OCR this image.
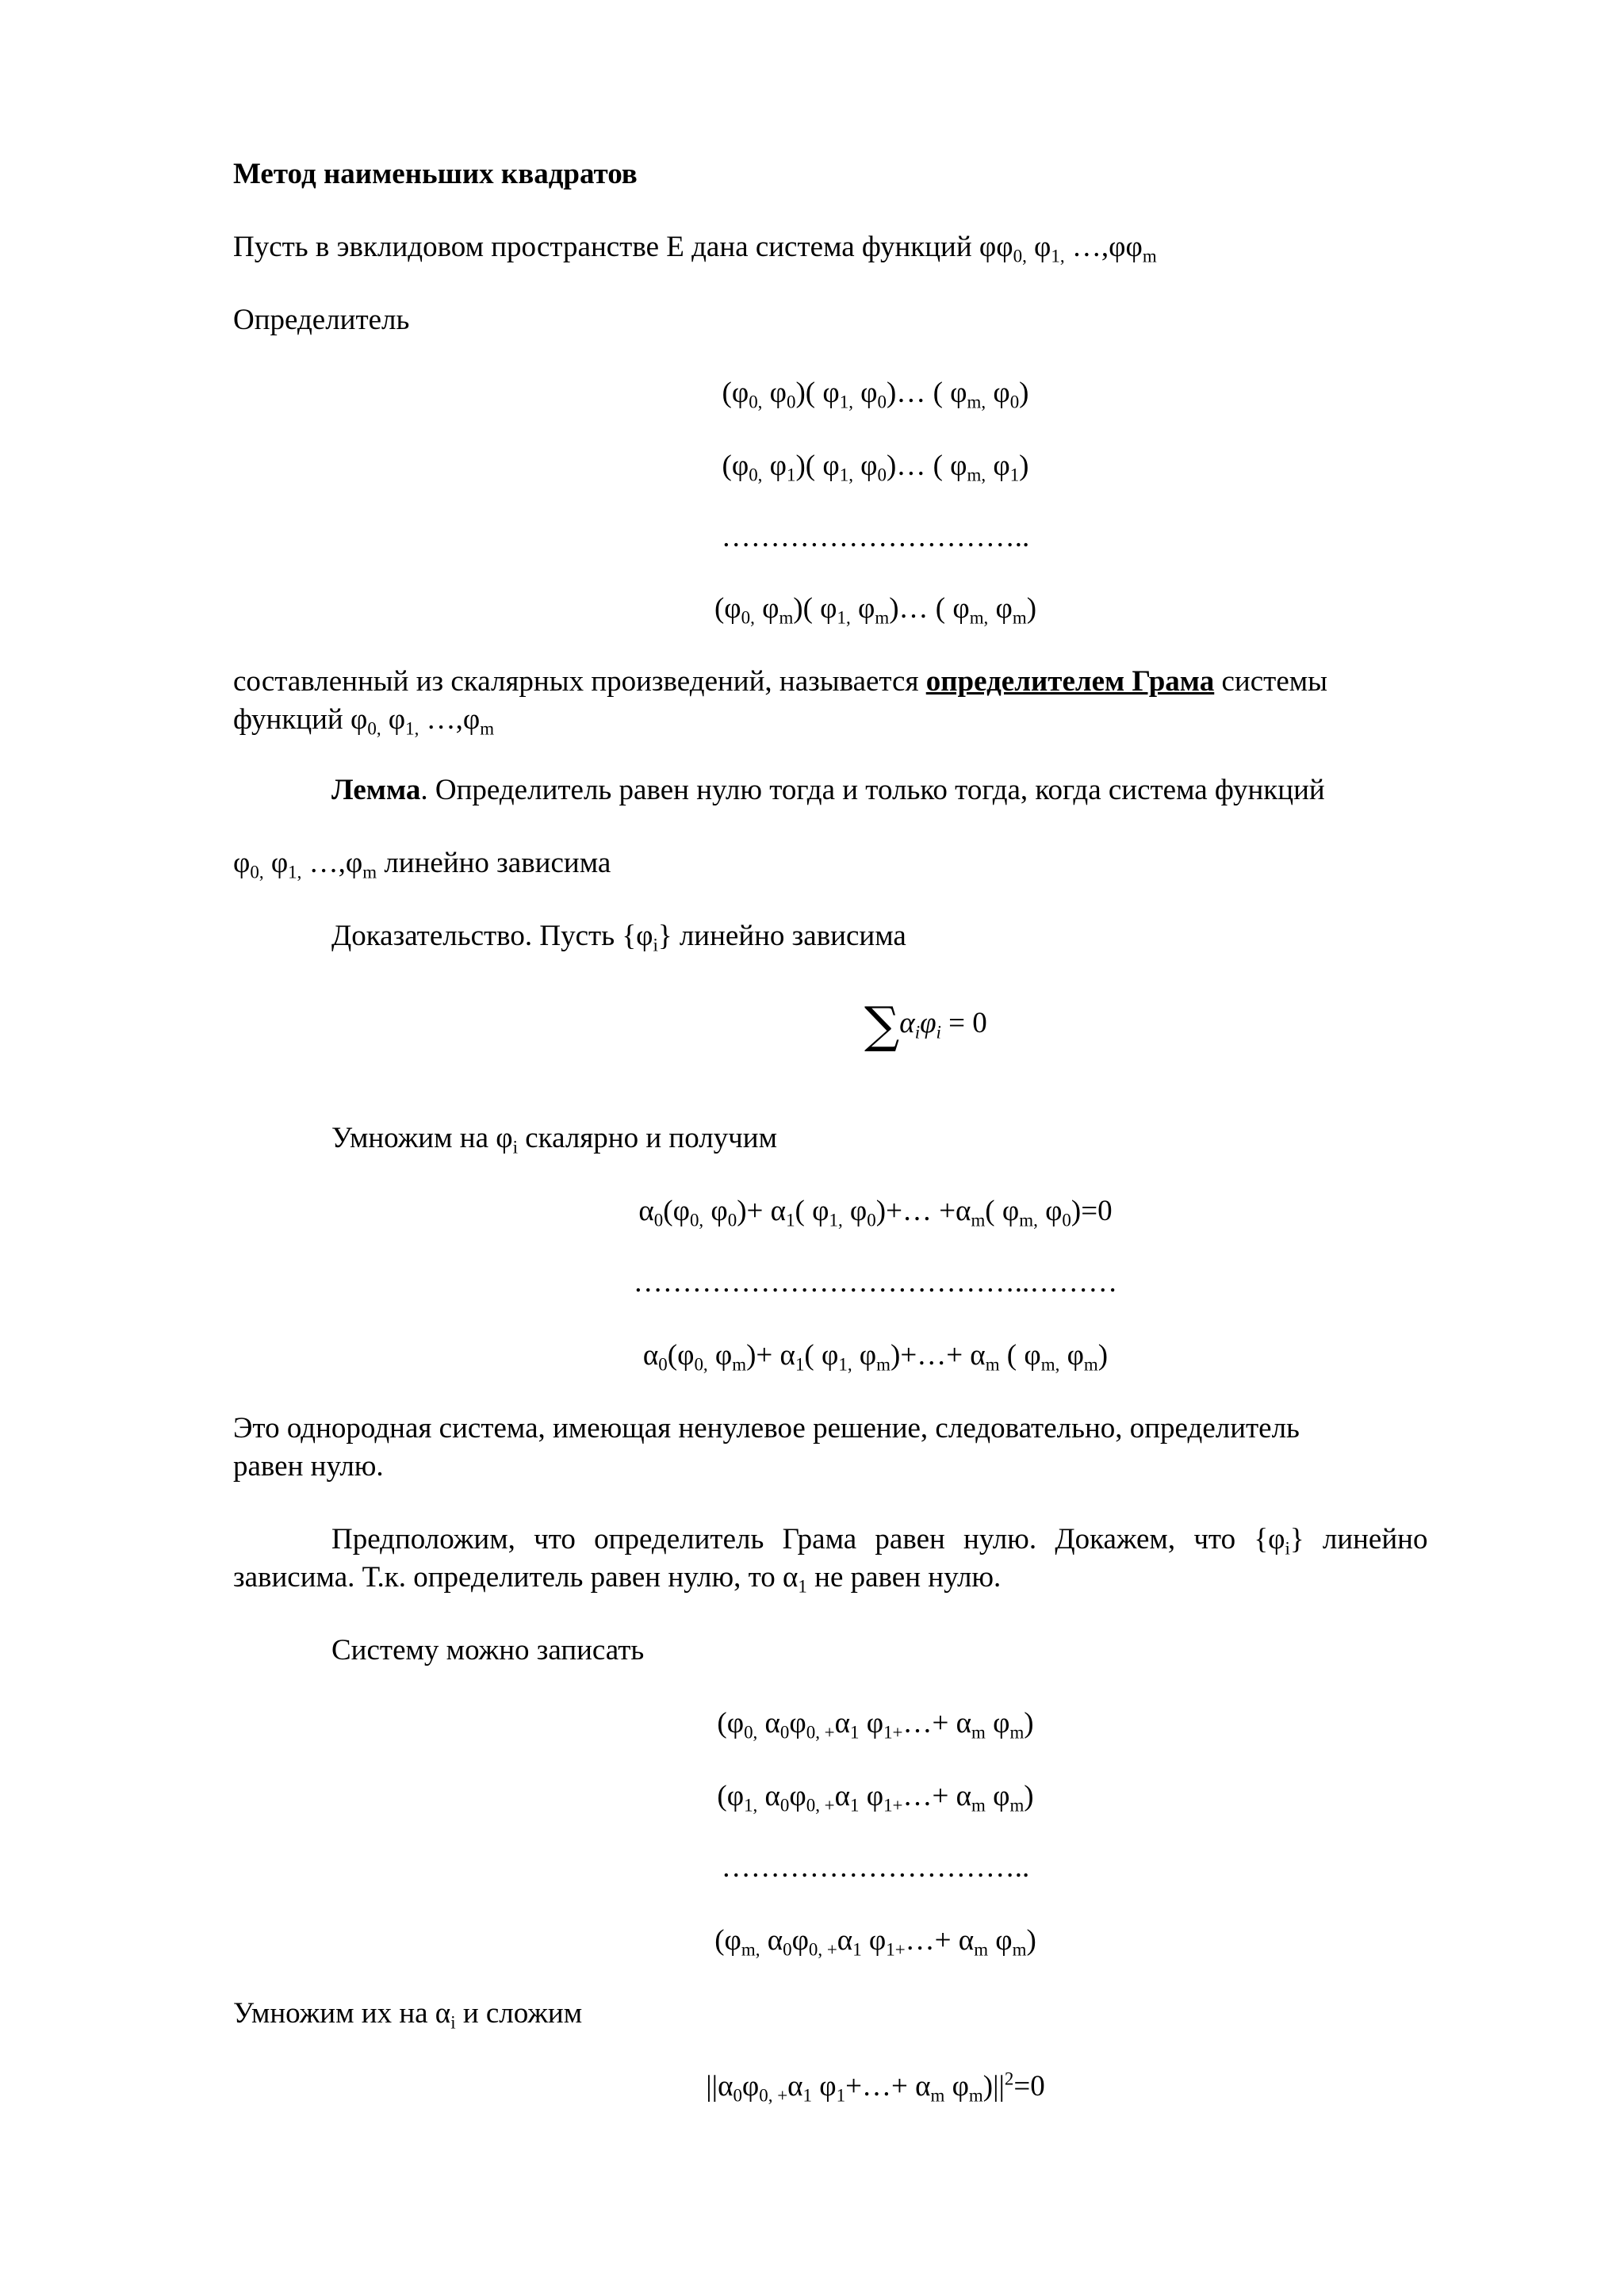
Метод наименьших квадратов
Пусть в эвклидовом пространстве E дана система функций $\varphi\varphi_{0,}$ $\varphi_{1,}$ $\dots,\varphi\varphi_m$
Определитель
($\varphi_{0,}$ $\varphi_0$)( $\varphi_{1,}$ $\varphi_0)\dots$ ( $\varphi_{m,}$ $\varphi_0$)
($\varphi_{0,}$ $\varphi_1$)( $\varphi_{1,}$ $\varphi_0)\dots$ ( $\varphi_{m,}$ $\varphi_1$)
…………………………..
($\varphi_{0,}$ $\varphi_m$)( $\varphi_{1,}$ $\varphi_m)\dots$ ( $\varphi_{m,}$ $\varphi_m$)
составленный из скалярных произведений, называется определителем Грама системы
функций $\varphi_{0,}$ $\varphi_{1,}$ $\dots,\varphi_m$
Лемма. Определитель равен нулю тогда и только тогда, когда система функций
$\varphi_{0,}$ $\varphi_{1,}$ $\dots,\varphi_m$ линейно зависима
Доказательство. Пусть $\{\varphi_i\}$ линейно зависима
$\sum\alpha_i\varphi_i = 0$
Умножим на $\varphi_i$ скалярно и получим
$\alpha_0(\varphi_{0,}$ $\varphi_0)+ \alpha_1$( $\varphi_{1,}$ $\varphi_0)+\dots +\alpha_m$( $\varphi_{m,}$ $\varphi_0)=0$
…………………………………..………
$\alpha_0(\varphi_{0,}$ $\varphi_m)+ \alpha_1$( $\varphi_{1,}$ $\varphi_m)+\dots+ \alpha_m$ ( $\varphi_{m,}$ $\varphi_m$)
Это однородная система, имеющая ненулевое решение, следовательно, определитель
равен нулю.
Предположим, что определитель Грама равен нулю. Докажем, что $\{\varphi_i\}$ линейно
зависима. Т.к. определитель равен нулю, то $\alpha_1$ не равен нулю.
Систему можно записать
($\varphi_{0,}$ $\alpha_0\varphi_{0, +}\alpha_1$ $\varphi_{1+}\dots+ \alpha_m$ $\varphi_m$)
($\varphi_{1,}$ $\alpha_0\varphi_{0, +}\alpha_1$ $\varphi_{1+}\dots+ \alpha_m$ $\varphi_m$)
…………………………..
($\varphi_{m,}$ $\alpha_0\varphi_{0, +}\alpha_1$ $\varphi_{1+}\dots+ \alpha_m$ $\varphi_m$)
Умножим их на $\alpha_i$ и сложим
$||\alpha_0\varphi_{0, +}\alpha_1$ $\varphi_1+\dots+ \alpha_m$ $\varphi_m)||^2=0$
